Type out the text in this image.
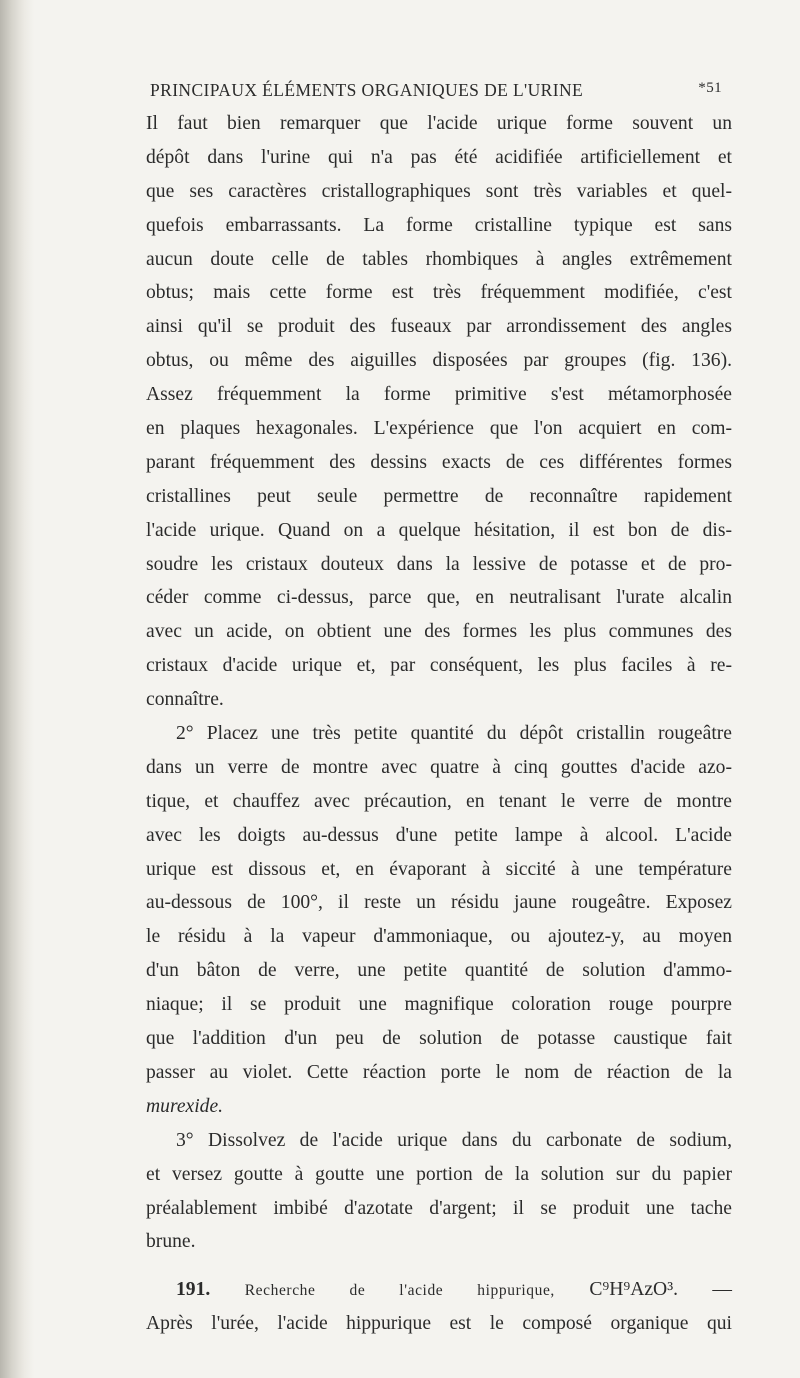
PRINCIPAUX ÉLÉMENTS ORGANIQUES DE L'URINE	*51
Il faut bien remarquer que l'acide urique forme souvent un
dépôt dans l'urine qui n'a pas été acidifiée artificiellement et
que ses caractères cristallographiques sont très variables et quel-
quefois embarrassants. La forme cristalline typique est sans
aucun doute celle de tables rhombiques à angles extrêmement
obtus; mais cette forme est très fréquemment modifiée, c'est
ainsi qu'il se produit des fuseaux par arrondissement des angles
obtus, ou même des aiguilles disposées par groupes (fig. 136).
Assez fréquemment la forme primitive s'est métamorphosée
en plaques hexagonales. L'expérience que l'on acquiert en com-
parant fréquemment des dessins exacts de ces différentes formes
cristallines peut seule permettre de reconnaître rapidement
l'acide urique. Quand on a quelque hésitation, il est bon de dis-
soudre les cristaux douteux dans la lessive de potasse et de pro-
céder comme ci-dessus, parce que, en neutralisant l'urate alcalin
avec un acide, on obtient une des formes les plus communes des
cristaux d'acide urique et, par conséquent, les plus faciles à re-
connaître.
2° Placez une très petite quantité du dépôt cristallin rougeâtre
dans un verre de montre avec quatre à cinq gouttes d'acide azo-
tique, et chauffez avec précaution, en tenant le verre de montre
avec les doigts au-dessus d'une petite lampe à alcool. L'acide
urique est dissous et, en évaporant à siccité à une température
au-dessous de 100°, il reste un résidu jaune rougeâtre. Exposez
le résidu à la vapeur d'ammoniaque, ou ajoutez-y, au moyen
d'un bâton de verre, une petite quantité de solution d'ammo-
niaque; il se produit une magnifique coloration rouge pourpre
que l'addition d'un peu de solution de potasse caustique fait
passer au violet. Cette réaction porte le nom de réaction de la
murexide.
3° Dissolvez de l'acide urique dans du carbonate de sodium,
et versez goutte à goutte une portion de la solution sur du papier
préalablement imbibé d'azotate d'argent; il se produit une tache
brune.
191. Recherche de l'acide hippurique, C⁹H⁹AzO³. —
Après l'urée, l'acide hippurique est le composé organique qui
